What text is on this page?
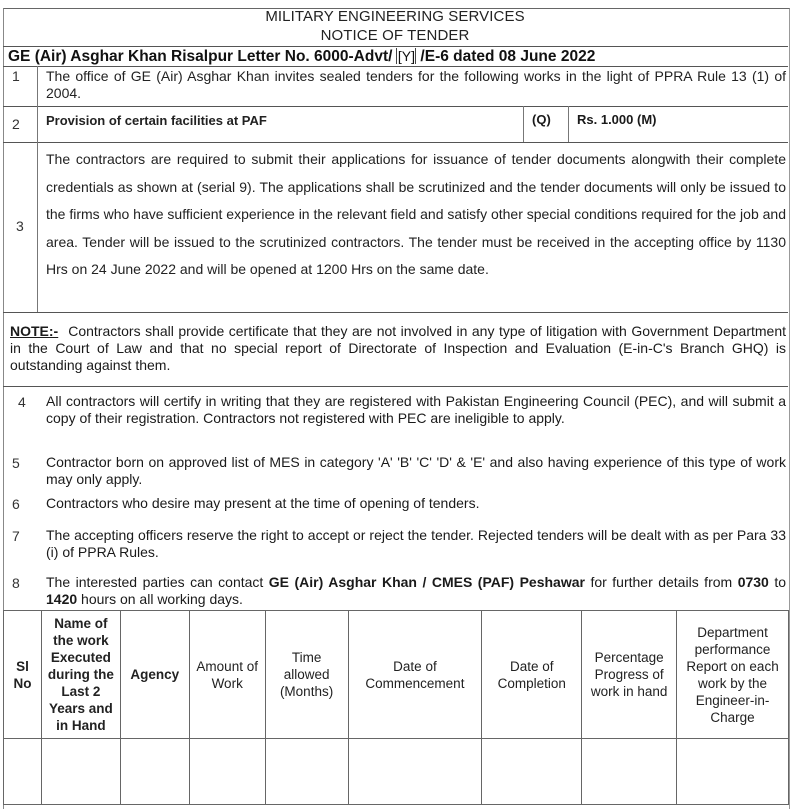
MILITARY ENGINEERING SERVICES
NOTICE OF TENDER
GE (Air) Asghar Khan Risalpur Letter No. 6000-Advt/ [Y] /E-6 dated 08 June 2022
1 The office of GE (Air) Asghar Khan invites sealed tenders for the following works in the light of PPRA Rule 13 (1) of 2004.
2 Provision of certain facilities at PAF	(Q) Rs. 1.000 (M)
3
The contractors are required to submit their applications for issuance of tender documents alongwith their complete credentials as shown at (serial 9). The applications shall be scrutinized and the tender documents will only be issued to the firms who have sufficient experience in the relevant field and satisfy other special conditions required for the job and area. Tender will be issued to the scrutinized contractors. The tender must be received in the accepting office by 1130 Hrs on 24 June 2022 and will be opened at 1200 Hrs on the same date.
NOTE:- Contractors shall provide certificate that they are not involved in any type of litigation with Government Department in the Court of Law and that no special report of Directorate of Inspection and Evaluation (E-in-C's Branch GHQ) is outstanding against them.
4 All contractors will certify in writing that they are registered with Pakistan Engineering Council (PEC), and will submit a copy of their registration. Contractors not registered with PEC are ineligible to apply.
5 Contractor born on approved list of MES in category 'A' 'B' 'C' 'D' & 'E' and also having experience of this type of work may only apply.
6 Contractors who desire may present at the time of opening of tenders.
7 The accepting officers reserve the right to accept or reject the tender. Rejected tenders will be dealt with as per Para 33 (i) of PPRA Rules.
8 The interested parties can contact GE (Air) Asghar Khan / CMES (PAF) Peshawar for further details from 0730 to 1420 hours on all working days.
Sl No	Name of the work Executed during the Last 2 Years and in Hand	Agency	Amount of Work	Time allowed (Months)	Date of Commencement	Date of Completion	Percentage Progress of work in hand	Department performance Report on each work by the Engineer-in-Charge
